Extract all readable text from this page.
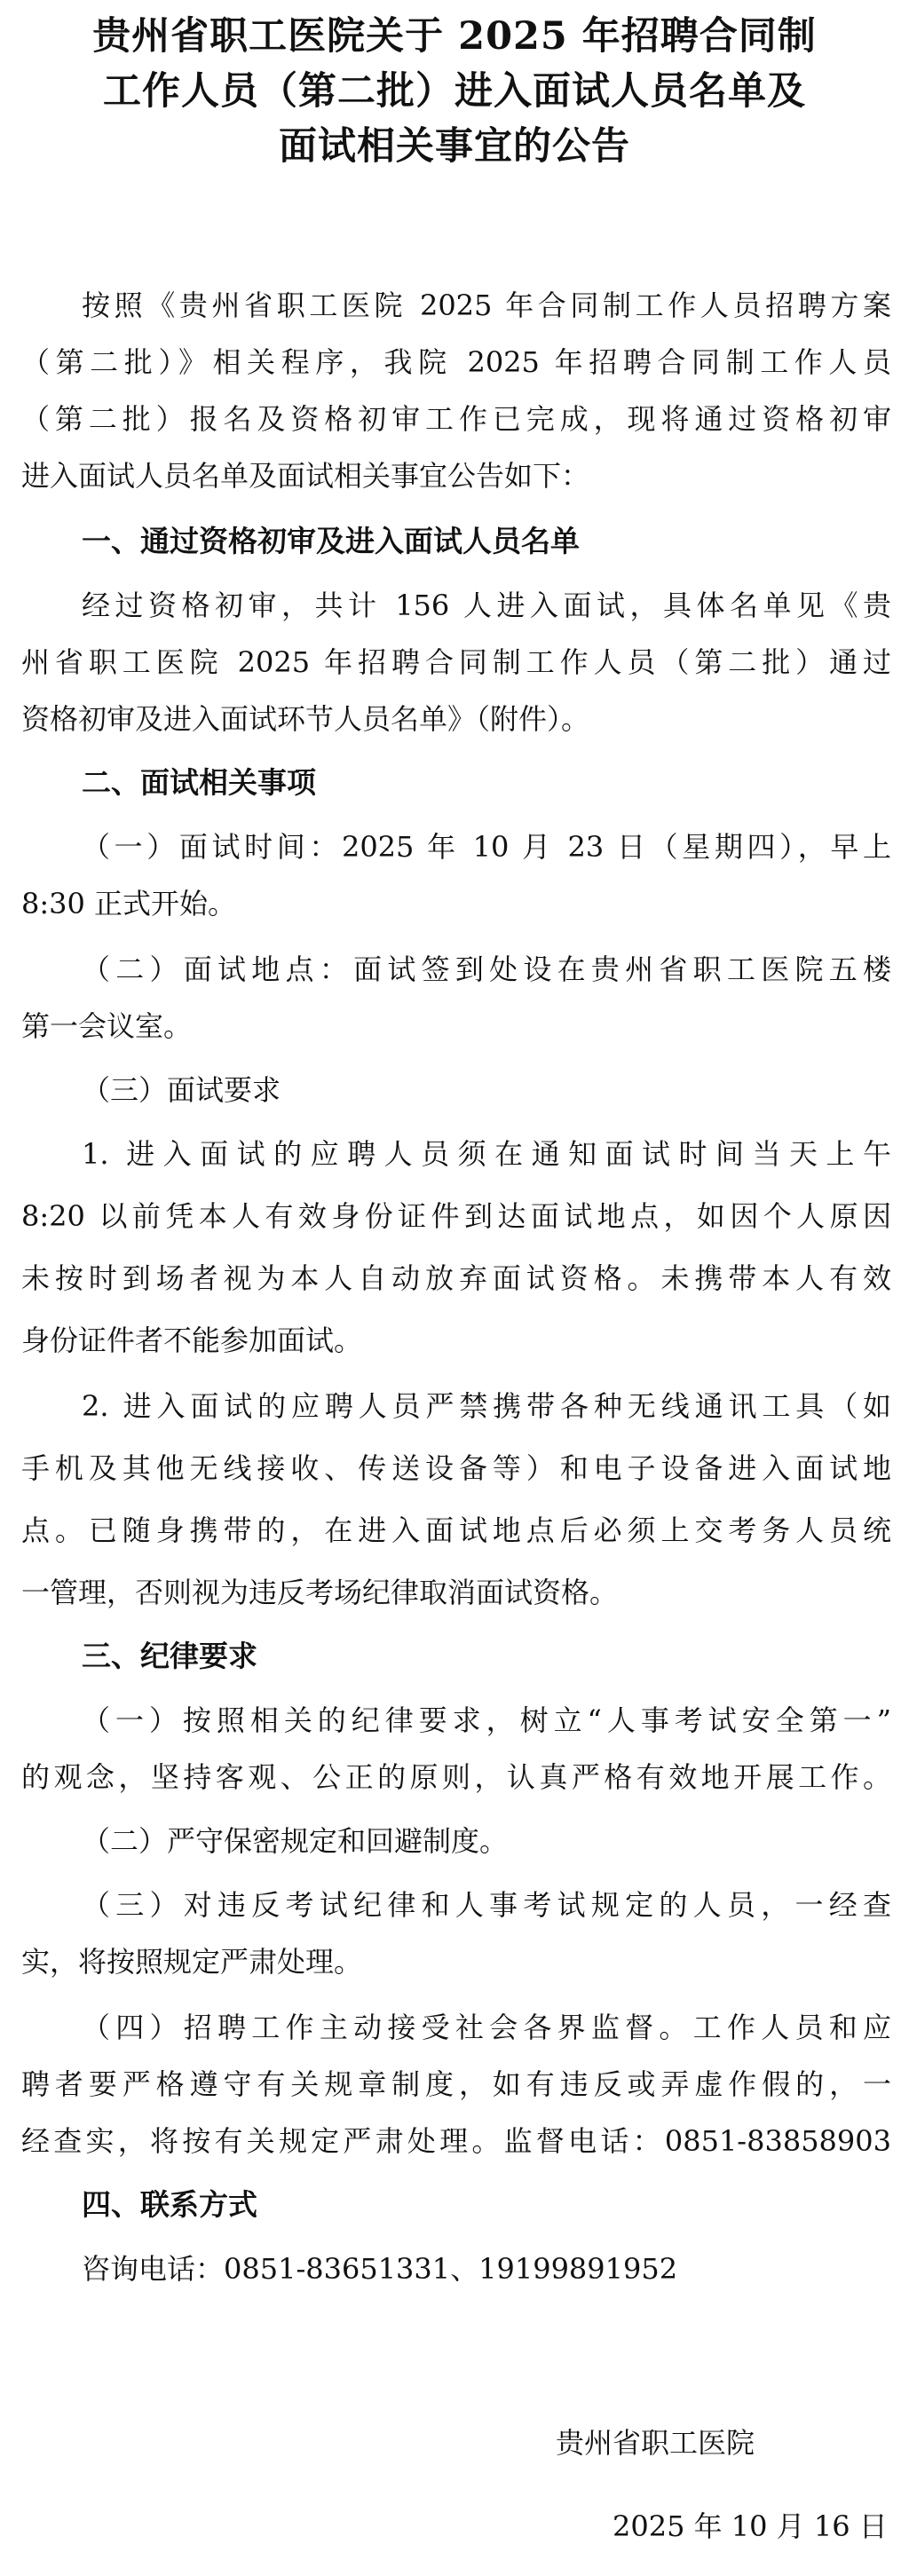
贵州省职工医院关于 2025 年招聘合同制
工作人员（第二批）进入面试人员名单及
面试相关事宜的公告
按照《贵州省职工医院 2025 年合同制工作人员招聘方案
（第二批）》相关程序，我院 2025 年招聘合同制工作人员
（第二批）报名及资格初审工作已完成，现将通过资格初审
进入面试人员名单及面试相关事宜公告如下：
一、通过资格初审及进入面试人员名单
经过资格初审，共计 156 人进入面试，具体名单见《贵
州省职工医院 2025 年招聘合同制工作人员（第二批）通过
资格初审及进入面试环节人员名单》（附件）。
二、面试相关事项
（一）面试时间：2025 年 10 月 23 日（星期四），早上
8:30 正式开始。
（二）面试地点：面试签到处设在贵州省职工医院五楼
第一会议室。
（三）面试要求
1. 进入面试的应聘人员须在通知面试时间当天上午
8:20 以前凭本人有效身份证件到达面试地点，如因个人原因
未按时到场者视为本人自动放弃面试资格。未携带本人有效
身份证件者不能参加面试。
2. 进入面试的应聘人员严禁携带各种无线通讯工具（如
手机及其他无线接收、传送设备等）和电子设备进入面试地
点。已随身携带的，在进入面试地点后必须上交考务人员统
一管理，否则视为违反考场纪律取消面试资格。
三、纪律要求
（一）按照相关的纪律要求，树立“人事考试安全第一”
的观念，坚持客观、公正的原则，认真严格有效地开展工作。
（二）严守保密规定和回避制度。
（三）对违反考试纪律和人事考试规定的人员，一经查
实，将按照规定严肃处理。
（四）招聘工作主动接受社会各界监督。工作人员和应
聘者要严格遵守有关规章制度，如有违反或弄虚作假的，一
经查实，将按有关规定严肃处理。监督电话：0851-83858903
四、联系方式
咨询电话：0851-83651331、19199891952
贵州省职工医院
2025 年 10 月 16 日
